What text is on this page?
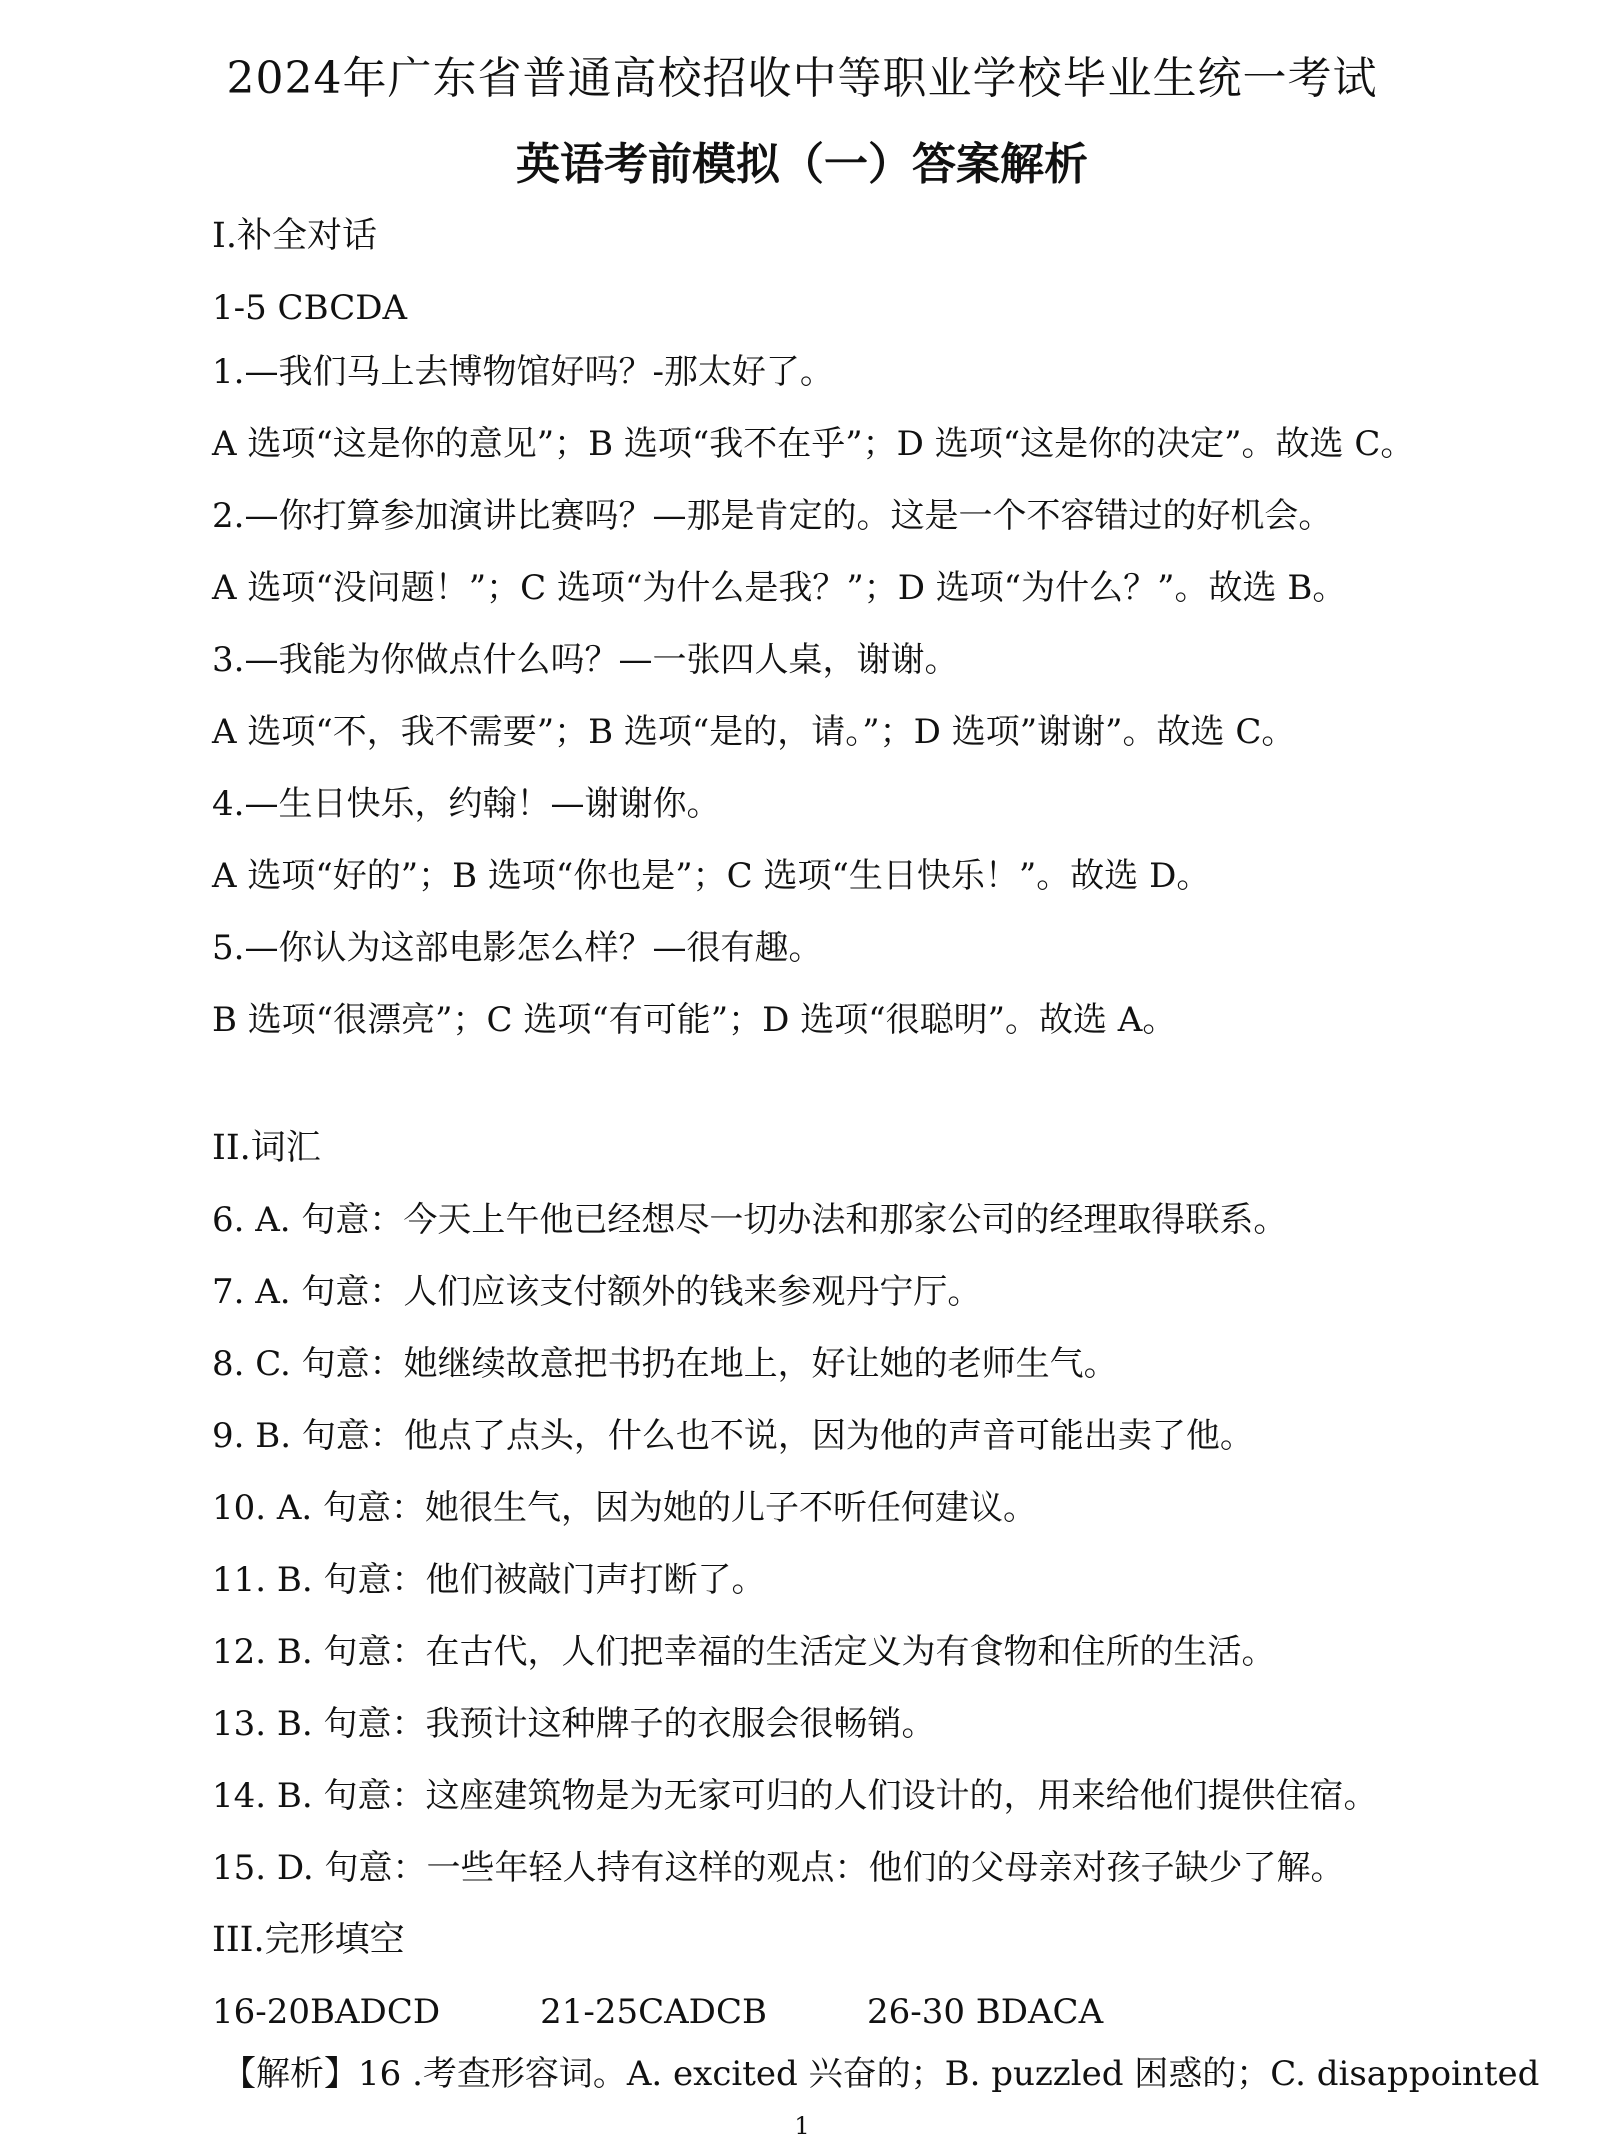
2024年广东省普通高校招收中等职业学校毕业生统一考试
英语考前模拟（一）答案解析
I.补全对话
1-5 CBCDA
1.—我们马上去博物馆好吗？-那太好了。
A 选项“这是你的意见”；B 选项“我不在乎”；D 选项“这是你的决定”。故选 C。
2.—你打算参加演讲比赛吗？—那是肯定的。这是一个不容错过的好机会。
A 选项“没问题！”；C 选项“为什么是我？”；D 选项“为什么？”。故选 B。
3.—我能为你做点什么吗？—一张四人桌，谢谢。
A 选项“不，我不需要”；B 选项“是的，请。”；D 选项”谢谢”。故选 C。
4.—生日快乐，约翰！—谢谢你。
A 选项“好的”；B 选项“你也是”；C 选项“生日快乐！”。故选 D。
5.—你认为这部电影怎么样？—很有趣。
B 选项“很漂亮”；C 选项“有可能”；D 选项“很聪明”。故选 A。
II.词汇
6. A. 句意：今天上午他已经想尽一切办法和那家公司的经理取得联系。
7. A. 句意：人们应该支付额外的钱来参观丹宁厅。
8. C. 句意：她继续故意把书扔在地上，好让她的老师生气。
9. B. 句意：他点了点头，什么也不说，因为他的声音可能出卖了他。
10. A. 句意：她很生气，因为她的儿子不听任何建议。
11. B. 句意：他们被敲门声打断了。
12. B. 句意：在古代，人们把幸福的生活定义为有食物和住所的生活。
13. B. 句意：我预计这种牌子的衣服会很畅销。
14. B. 句意：这座建筑物是为无家可归的人们设计的，用来给他们提供住宿。
15. D. 句意：一些年轻人持有这样的观点：他们的父母亲对孩子缺少了解。
III.完形填空
16-20BADCD	21-25CADCB	26-30 BDACA
【解析】16 .考查形容词。A. excited 兴奋的；B. puzzled 困惑的；C. disappointed
1
